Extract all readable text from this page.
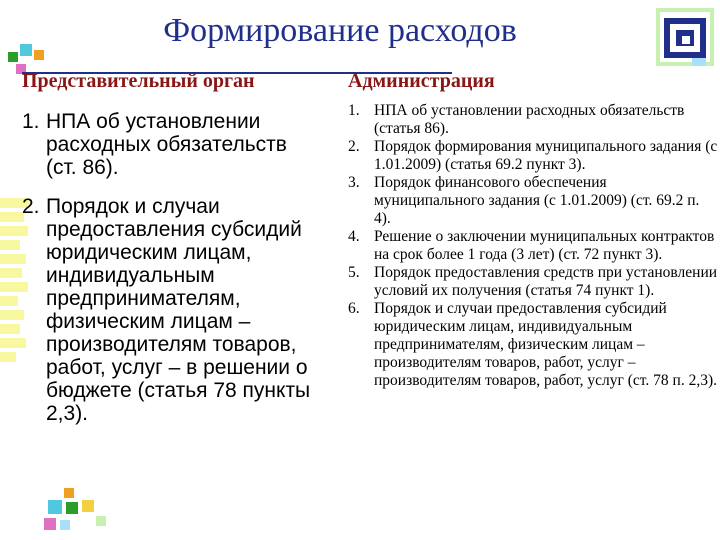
Формирование расходов

Представительный орган

1. НПА об установлении расходных обязательств (ст. 86).

2. Порядок и случаи предоставления субсидий юридическим лицам, индивидуальным предпринимателям, физическим лицам – производителям товаров, работ, услуг – в решении о бюджете (статья 78 пункты 2,3).

Администрация

1. НПА об установлении расходных обязательств (статья 86).
2. Порядок формирования муниципального задания (с 1.01.2009) (статья 69.2 пункт 3).
3. Порядок финансового обеспечения муниципального задания (с 1.01.2009) (ст. 69.2 п. 4).
4. Решение о заключении муниципальных контрактов на срок более 1 года (3 лет) (ст. 72 пункт 3).
5. Порядок предоставления средств при установлении условий их получения (статья 74 пункт 1).
6. Порядок и случаи предоставления субсидий юридическим лицам, индивидуальным предпринимателям, физическим лицам – производителям товаров, работ, услуг – производителям товаров, работ, услуг (ст. 78 п. 2,3).
